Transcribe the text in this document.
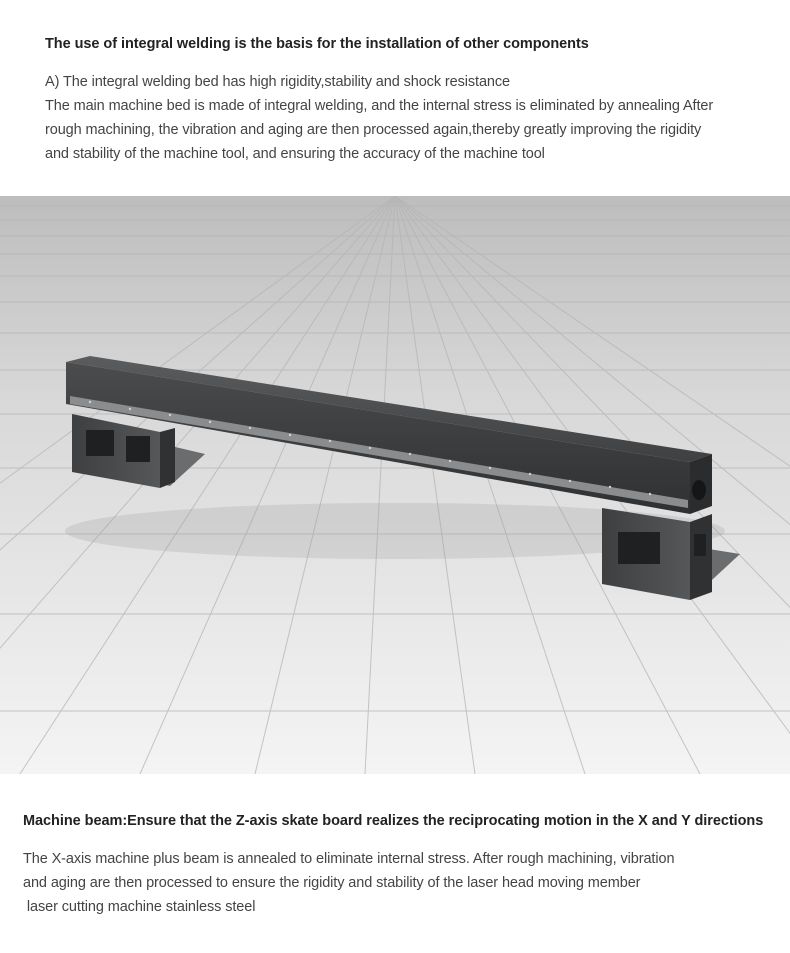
The use of integral welding is the basis for the installation of other components
A) The integral welding bed has high rigidity,stability and shock resistance
The main machine bed is made of integral welding, and the internal stress is eliminated by annealing After
rough machining, the vibration and aging are then processed again,thereby greatly improving the rigidity
and stability of the machine tool, and ensuring the accuracy of the machine tool
Machine beam:Ensure that the Z-axis skate board realizes the reciprocating motion in the X and Y directions
The X-axis machine plus beam is annealed to eliminate internal stress. After rough machining, vibration
and aging are then processed to ensure the rigidity and stability of the laser head moving member
laser cutting machine stainless steel
